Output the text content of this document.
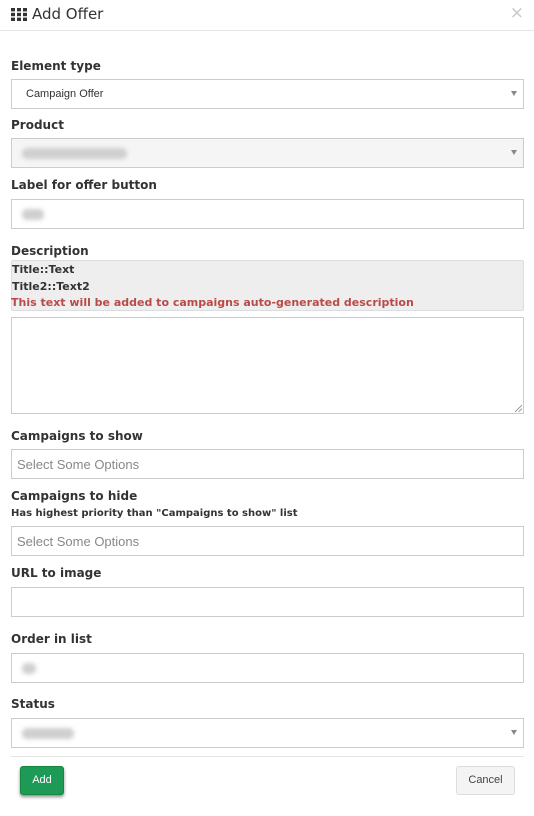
Add Offer	×
Element type
Campaign Offer
Product
Label for offer button
Description
Title::Text
Title2::Text2
This text will be added to campaigns auto-generated description
Campaigns to show
Select Some Options
Campaigns to hide
Has highest priority than "Campaigns to show" list
Select Some Options
URL to image
Order in list
Status
Add	Cancel
